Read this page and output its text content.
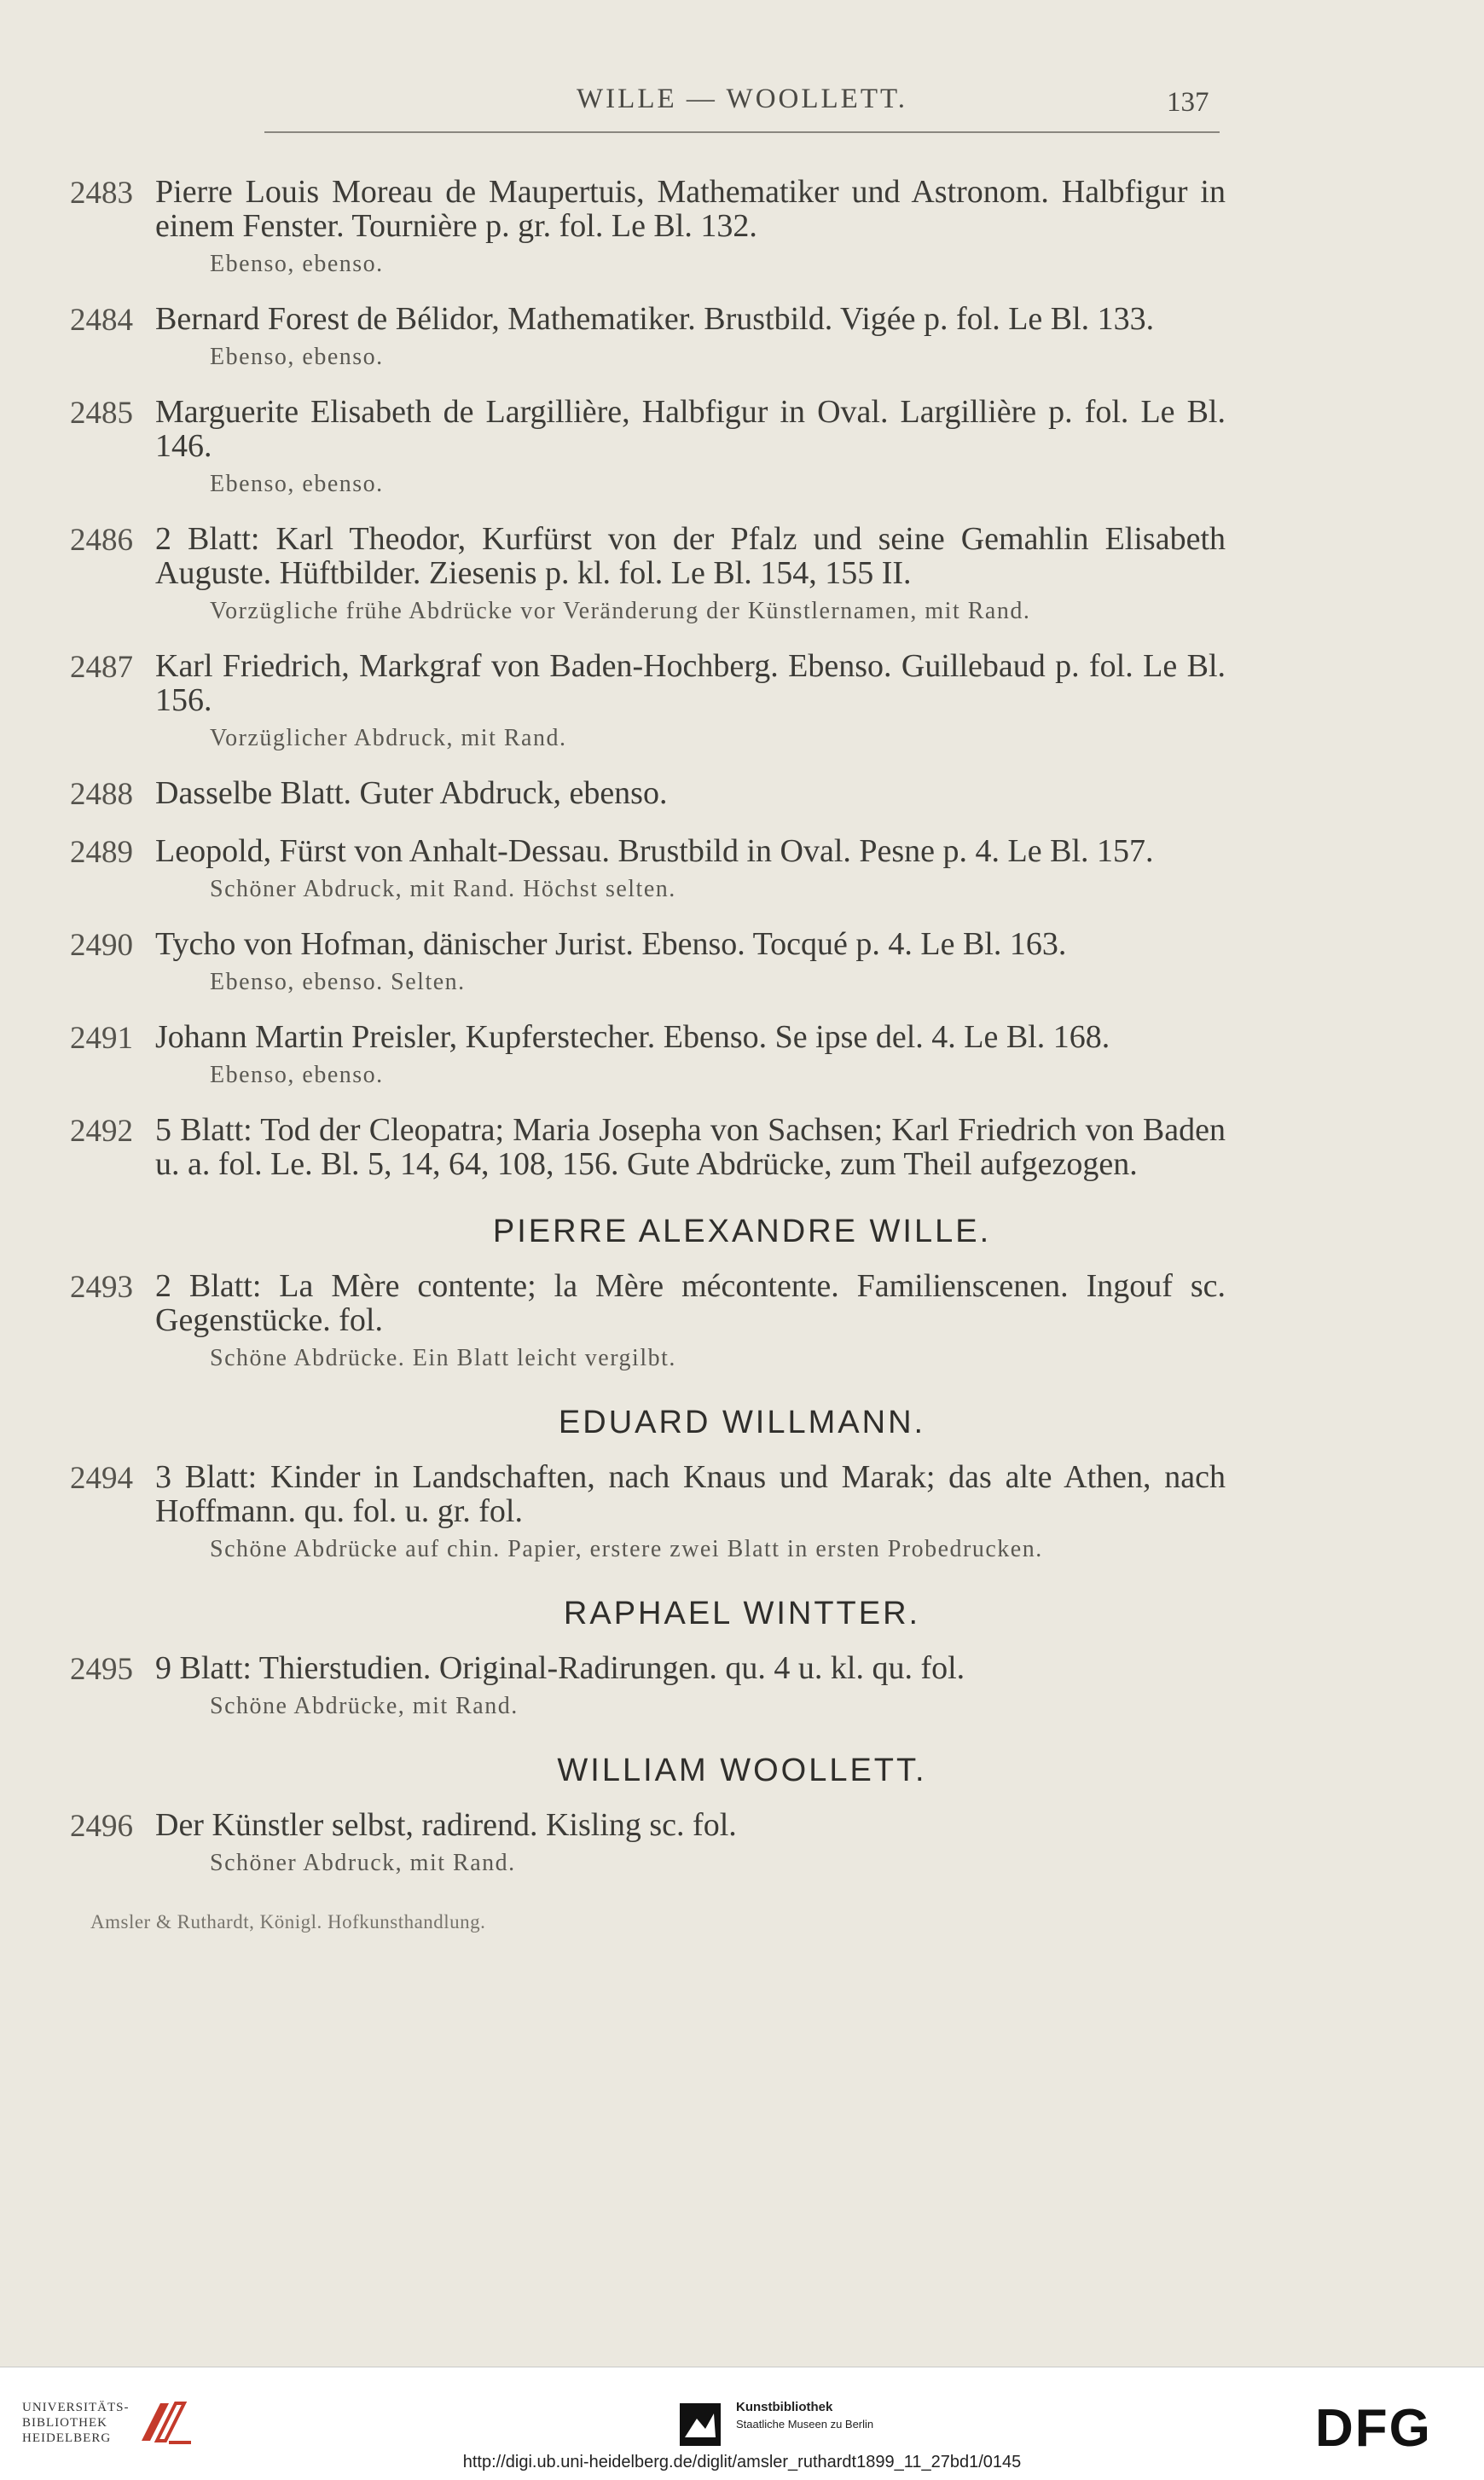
WILLE — WOOLLETT.	137
2483 Pierre Louis Moreau de Maupertuis, Mathematiker und Astronom. Halbfigur in einem Fenster. Tournière p. gr. fol. Le Bl. 132.
Ebenso, ebenso.
2484 Bernard Forest de Bélidor, Mathematiker. Brustbild. Vigée p. fol. Le Bl. 133.
Ebenso, ebenso.
2485 Marguerite Elisabeth de Largillière, Halbfigur in Oval. Largillière p. fol. Le Bl. 146.
Ebenso, ebenso.
2486 2 Blatt: Karl Theodor, Kurfürst von der Pfalz und seine Gemahlin Elisabeth Auguste. Hüftbilder. Ziesenis p. kl. fol. Le Bl. 154, 155 II.
Vorzügliche frühe Abdrücke vor Veränderung der Künstlernamen, mit Rand.
2487 Karl Friedrich, Markgraf von Baden-Hochberg. Ebenso. Guillebaud p. fol. Le Bl. 156.
Vorzüglicher Abdruck, mit Rand.
2488 Dasselbe Blatt. Guter Abdruck, ebenso.
2489 Leopold, Fürst von Anhalt-Dessau. Brustbild in Oval. Pesne p. 4. Le Bl. 157.
Schöner Abdruck, mit Rand. Höchst selten.
2490 Tycho von Hofman, dänischer Jurist. Ebenso. Tocqué p. 4. Le Bl. 163.
Ebenso, ebenso. Selten.
2491 Johann Martin Preisler, Kupferstecher. Ebenso. Se ipse del. 4. Le Bl. 168.
Ebenso, ebenso.
2492 5 Blatt: Tod der Cleopatra; Maria Josepha von Sachsen; Karl Friedrich von Baden u. a. fol. Le. Bl. 5, 14, 64, 108, 156. Gute Abdrücke, zum Theil aufgezogen.
PIERRE ALEXANDRE WILLE.
2493 2 Blatt: La Mère contente; la Mère mécontente. Familienscenen. Ingouf sc. Gegenstücke. fol.
Schöne Abdrücke. Ein Blatt leicht vergilbt.
EDUARD WILLMANN.
2494 3 Blatt: Kinder in Landschaften, nach Knaus und Marak; das alte Athen, nach Hoffmann. qu. fol. u. gr. fol.
Schöne Abdrücke auf chin. Papier, erstere zwei Blatt in ersten Probedrucken.
RAPHAEL WINTTER.
2495 9 Blatt: Thierstudien. Original-Radirungen. qu. 4 u. kl. qu. fol.
Schöne Abdrücke, mit Rand.
WILLIAM WOOLLETT.
2496 Der Künstler selbst, radirend. Kisling sc. fol.
Schöner Abdruck, mit Rand.
Amsler & Ruthardt, Königl. Hofkunsthandlung.
UNIVERSITÄTS-
BIBLIOTHEK
HEIDELBERG
Kunstbibliothek
Staatliche Museen zu Berlin	DFG
http://digi.ub.uni-heidelberg.de/diglit/amsler_ruthardt1899_11_27bd1/0145
